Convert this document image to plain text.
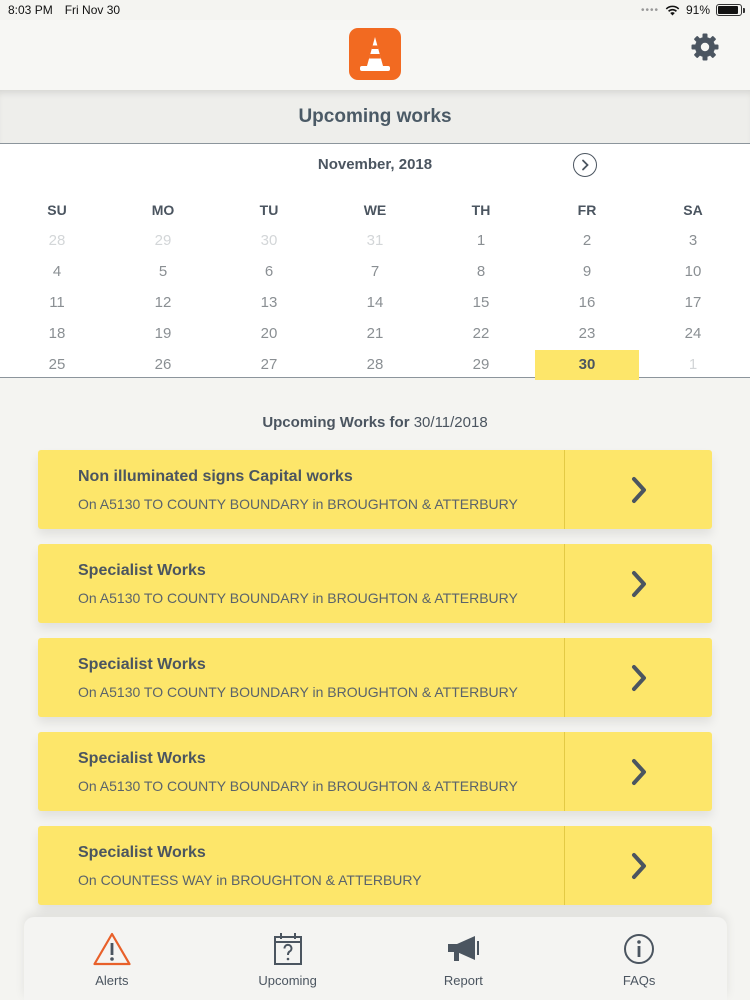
8:03 PM Fri Nov 30	•••• 91%
Upcoming works
November, 2018
SU	MO	TU	WE	TH	FR	SA
28	29	30	31	1	2	3
4	5	6	7	8	9	10
11	12	13	14	15	16	17
18	19	20	21	22	23	24
25	26	27	28	29	30	1
Upcoming Works for 30/11/2018
Non illuminated signs Capital works
On A5130 TO COUNTY BOUNDARY in BROUGHTON & ATTERBURY
Specialist Works
On A5130 TO COUNTY BOUNDARY in BROUGHTON & ATTERBURY
Specialist Works
On A5130 TO COUNTY BOUNDARY in BROUGHTON & ATTERBURY
Specialist Works
On A5130 TO COUNTY BOUNDARY in BROUGHTON & ATTERBURY
Specialist Works
On COUNTESS WAY in BROUGHTON & ATTERBURY
Alerts	Upcoming	Report	FAQs
